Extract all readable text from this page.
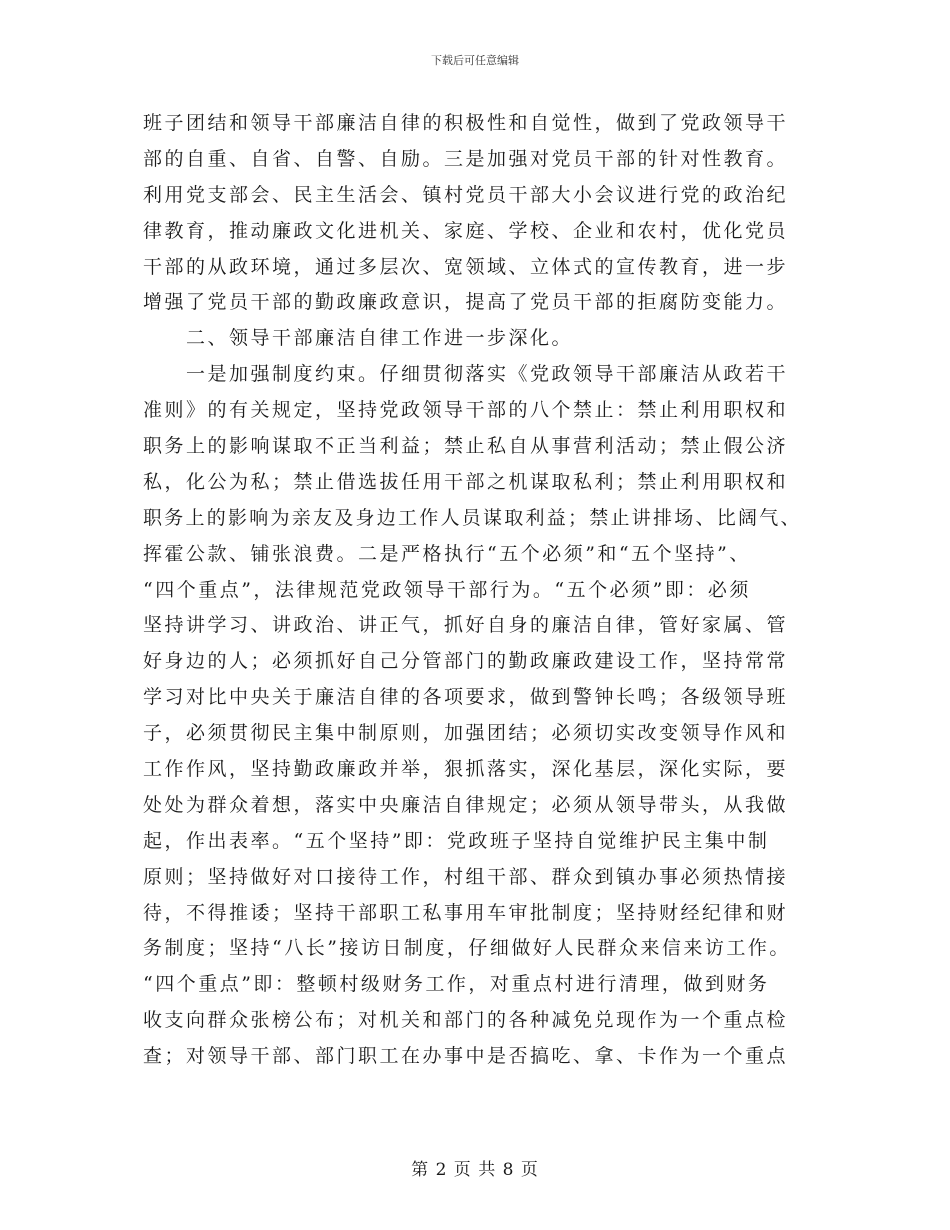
下载后可任意编辑
班子团结和领导干部廉洁自律的积极性和自觉性，做到了党政领导干
部的自重、自省、自警、自励。三是加强对党员干部的针对性教育。
利用党支部会、民主生活会、镇村党员干部大小会议进行党的政治纪
律教育，推动廉政文化进机关、家庭、学校、企业和农村，优化党员
干部的从政环境，通过多层次、宽领域、立体式的宣传教育，进一步
增强了党员干部的勤政廉政意识，提高了党员干部的拒腐防变能力。
　　二、领导干部廉洁自律工作进一步深化。
　　一是加强制度约束。仔细贯彻落实《党政领导干部廉洁从政若干
准则》的有关规定，坚持党政领导干部的八个禁止：禁止利用职权和
职务上的影响谋取不正当利益；禁止私自从事营利活动；禁止假公济
私，化公为私；禁止借选拔任用干部之机谋取私利；禁止利用职权和
职务上的影响为亲友及身边工作人员谋取利益；禁止讲排场、比阔气、
挥霍公款、铺张浪费。二是严格执行“五个必须”和“五个坚持”、
“四个重点”，法律规范党政领导干部行为。“五个必须”即：必须
坚持讲学习、讲政治、讲正气，抓好自身的廉洁自律，管好家属、管
好身边的人；必须抓好自己分管部门的勤政廉政建设工作，坚持常常
学习对比中央关于廉洁自律的各项要求，做到警钟长鸣；各级领导班
子，必须贯彻民主集中制原则，加强团结；必须切实改变领导作风和
工作作风，坚持勤政廉政并举，狠抓落实，深化基层，深化实际，要
处处为群众着想，落实中央廉洁自律规定；必须从领导带头，从我做
起，作出表率。“五个坚持”即：党政班子坚持自觉维护民主集中制
原则；坚持做好对口接待工作，村组干部、群众到镇办事必须热情接
待，不得推诿；坚持干部职工私事用车审批制度；坚持财经纪律和财
务制度；坚持“八长”接访日制度，仔细做好人民群众来信来访工作。
“四个重点”即：整顿村级财务工作，对重点村进行清理，做到财务
收支向群众张榜公布；对机关和部门的各种减免兑现作为一个重点检
查；对领导干部、部门职工在办事中是否搞吃、拿、卡作为一个重点
第 2 页 共 8 页
